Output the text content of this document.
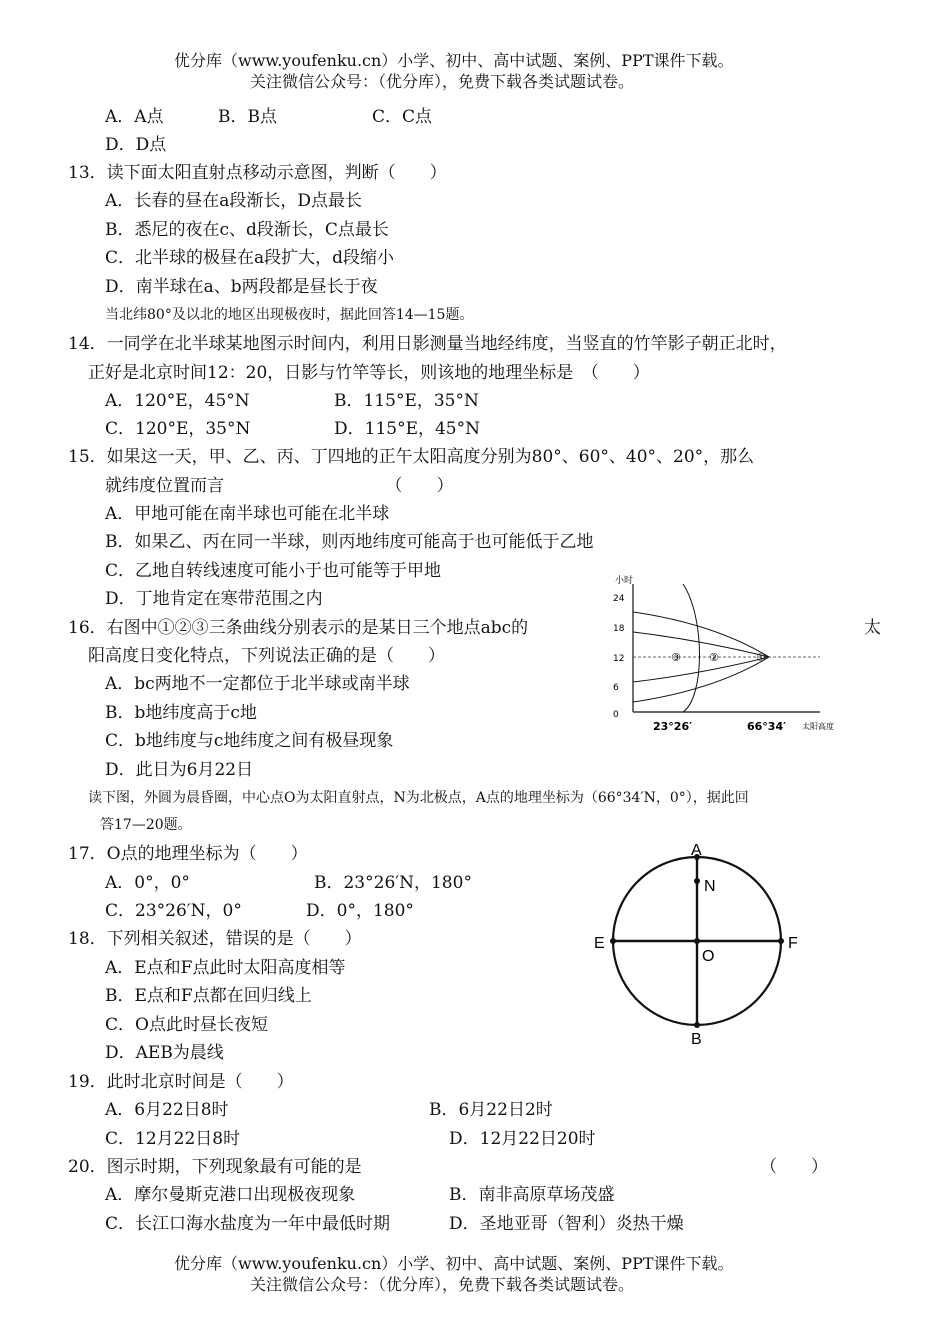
优分库（www.youfenku.cn）小学、初中、高中试题、案例、PPT课件下载。
关注微信公众号：（优分库），免费下载各类试题试卷。
A．A点	B．B点	C．C点
D．D点
13．读下面太阳直射点移动示意图，判断（　　）
A．长春的昼在a段渐长，D点最长
B．悉尼的夜在c、d段渐长，C点最长
C．北半球的极昼在a段扩大，d段缩小
D．南半球在a、b两段都是昼长于夜
当北纬80°及以北的地区出现极夜时，据此回答14—15题。
14．一同学在北半球某地图示时间内，利用日影测量当地经纬度，当竖直的竹竿影子朝正北时，
正好是北京时间12：20，日影与竹竿等长，则该地的地理坐标是　（　　）
A．120°E，45°N	B．115°E，35°N
C．120°E，35°N	D．115°E，45°N
15．如果这一天，甲、乙、丙、丁四地的正午太阳高度分别为80°、60°、40°、20°，那么
就纬度位置而言　　　　　　　　　　（　　）
A．甲地可能在南半球也可能在北半球
B．如果乙、丙在同一半球，则丙地纬度可能高于也可能低于乙地
C．乙地自转线速度可能小于也可能等于甲地
D．丁地肯定在寒带范围之内
16．右图中①②③三条曲线分别表示的是某日三个地点abc的	太
阳高度日变化特点，下列说法正确的是（　　）
A．bc两地不一定都位于北半球或南半球
B．b地纬度高于c地
C．b地纬度与c地纬度之间有极昼现象
D．此日为6月22日
小时
24
18
12
6
0
①
②
③
23°26′	66°34′ 太阳高度
读下图，外圆为晨昏圈，中心点O为太阳直射点，N为北极点，A点的地理坐标为（66°34′N，0°），据此回
答17—20题。
17．O点的地理坐标为（　　）
A．0°，0°	B．23°26′N，180°
C．23°26′N，0°	D．0°，180°
18．下列相关叙述，错误的是（　　）
A．E点和F点此时太阳高度相等
B．E点和F点都在回归线上
C．O点此时昼长夜短
D．AEB为晨线
A
B
E	F
N
O
19．此时北京时间是（　　）
A．6月22日8时	B．6月22日2时
C．12月22日8时	D．12月22日20时
20．图示时期，下列现象最有可能的是	（　　）
A．摩尔曼斯克港口出现极夜现象	B．南非高原草场茂盛
C．长江口海水盐度为一年中最低时期	D．圣地亚哥（智利）炎热干燥
优分库（www.youfenku.cn）小学、初中、高中试题、案例、PPT课件下载。
关注微信公众号：（优分库），免费下载各类试题试卷。
